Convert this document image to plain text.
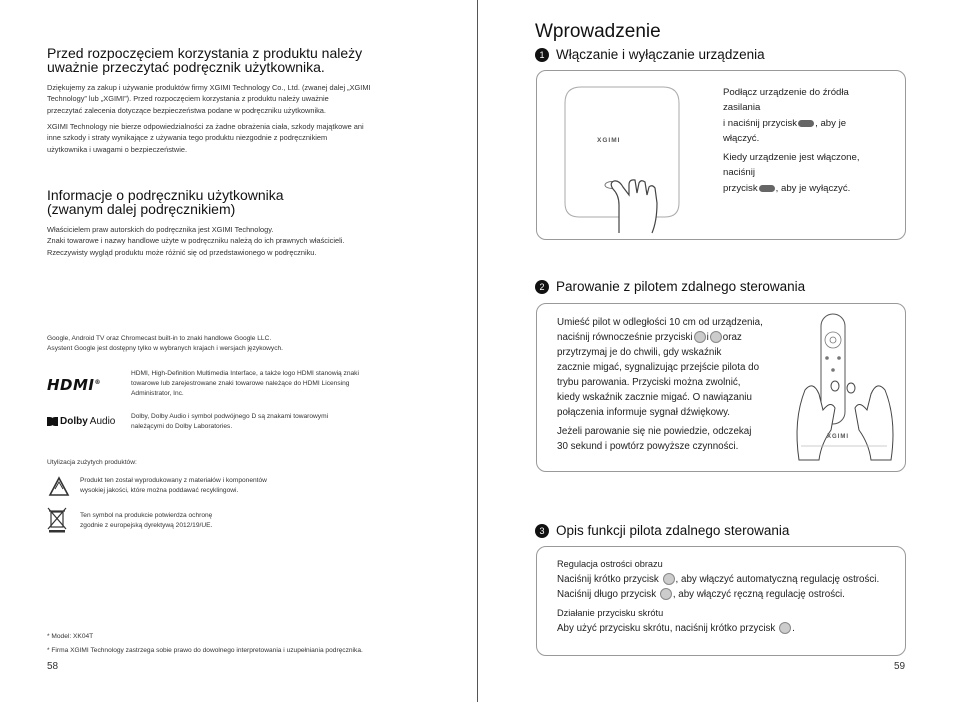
Przed rozpoczęciem korzystania z produktu należy
uważnie przeczytać podręcznik użytkownika.
Dziękujemy za zakup i używanie produktów firmy XGIMI Technology Co., Ltd. (zwanej dalej „XGIMI
Technology” lub „XGIMI”). Przed rozpoczęciem korzystania z produktu należy uważnie
przeczytać zalecenia dotyczące bezpieczeństwa podane w podręczniku użytkownika.
XGIMI Technology nie bierze odpowiedzialności za żadne obrażenia ciała, szkody majątkowe ani
inne szkody i straty wynikające z używania tego produktu niezgodnie z podręcznikiem
użytkownika i uwagami o bezpieczeństwie.
Informacje o podręczniku użytkownika
(zwanym dalej podręcznikiem)
Właścicielem praw autorskich do podręcznika jest XGIMI Technology.
Znaki towarowe i nazwy handlowe użyte w podręczniku należą do ich prawnych właścicieli.
Rzeczywisty wygląd produktu może różnić się od przedstawionego w podręczniku.
Google, Android TV oraz Chromecast built-in to znaki handlowe Google LLC.
Asystent Google jest dostępny tylko w wybranych krajach i wersjach językowych.
HDMI®
HDMI, High-Definition Multimedia Interface, a także logo HDMI stanowią znaki
towarowe lub zarejestrowane znaki towarowe należące do HDMI Licensing
Administrator, Inc.
Dolby Audio Dolby, Dolby Audio i symbol podwójnego D są znakami towarowymi
należącymi do Dolby Laboratories.
Utylizacja zużytych produktów:
Produkt ten został wyprodukowany z materiałów i komponentów
wysokiej jakości, które można poddawać recyklingowi.
Ten symbol na produkcie potwierdza ochronę
zgodnie z europejską dyrektywą 2012/19/UE.
* Model: XK04T
* Firma XGIMI Technology zastrzega sobie prawo do dowolnego interpretowania i uzupełniania podręcznika.
58
Wprowadzenie
1 Włączanie i wyłączanie urządzenia
XGIMI
Podłącz urządzenie do źródła
zasilania
i naciśnij przycisk , aby je
włączyć.
Kiedy urządzenie jest włączone,
naciśnij
przycisk , aby je wyłączyć.
2 Parowanie z pilotem zdalnego sterowania
Umieść pilot w odległości 10 cm od urządzenia,
naciśnij równocześnie przyciski i oraz
przytrzymaj je do chwili, gdy wskaźnik
zacznie migać, sygnalizując przejście pilota do
trybu parowania. Przyciski można zwolnić,
kiedy wskaźnik zacznie migać. O nawiązaniu
połączenia informuje sygnał dźwiękowy.
Jeżeli parowanie się nie powiedzie, odczekaj
30 sekund i powtórz powyższe czynności.
XGIMI
3 Opis funkcji pilota zdalnego sterowania
Regulacja ostrości obrazu
Naciśnij krótko przycisk , aby włączyć automatyczną regulację ostrości.
Naciśnij długo przycisk , aby włączyć ręczną regulację ostrości.
Działanie przycisku skrótu
Aby użyć przycisku skrótu, naciśnij krótko przycisk .
59
